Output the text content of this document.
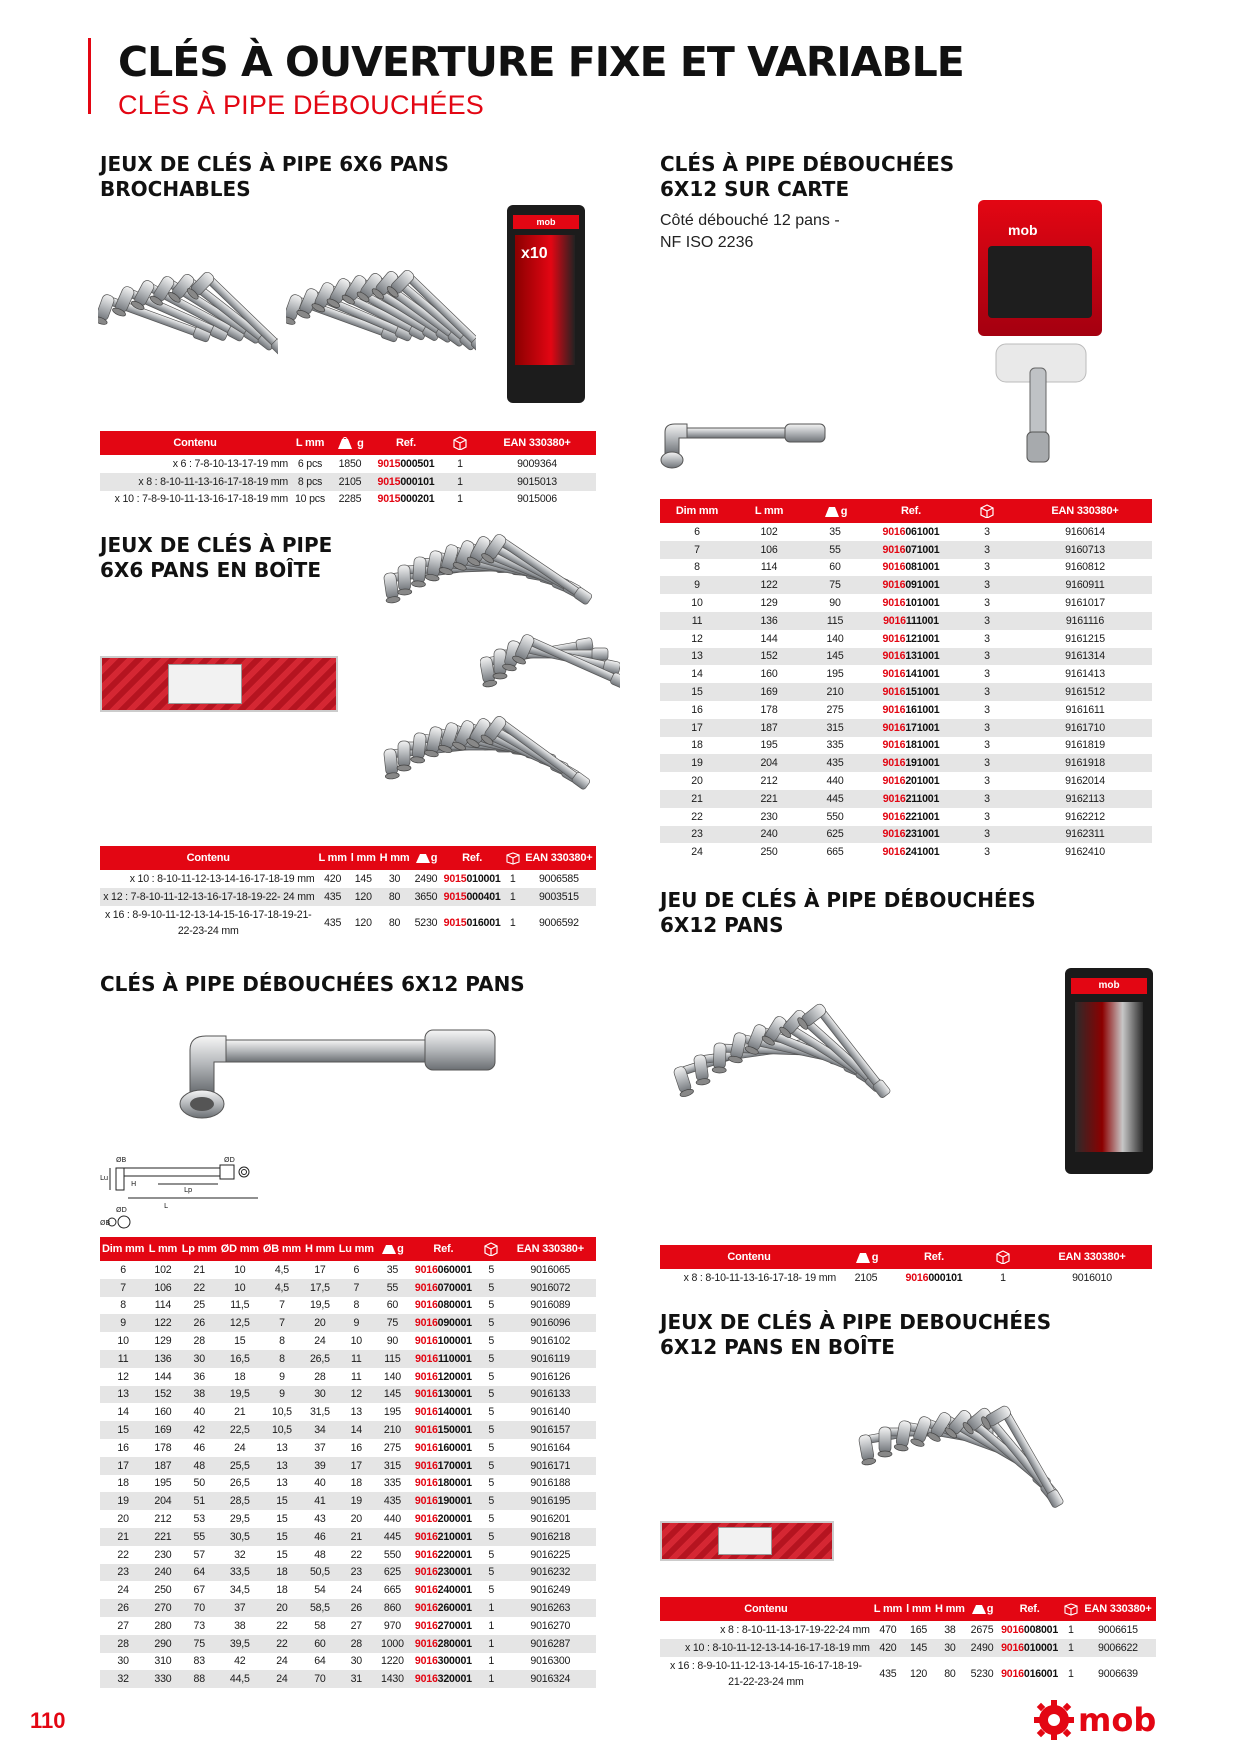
CLÉS À OUVERTURE FIXE ET VARIABLE
CLÉS À PIPE DÉBOUCHÉES
JEUX DE CLÉS À PIPE 6X6 PANS
BROCHABLES
mob
x10
Contenu	L mm	g	Ref.		EAN 330380+
x 6 : 7-8-10-13-17-19 mm	6 pcs	1850	9015000501	1	9009364
x 8 : 8-10-11-13-16-17-18-19 mm	8 pcs	2105	9015000101	1	9015013
x 10 : 7-8-9-10-11-13-16-17-18-19 mm	10 pcs	2285	9015000201	1	9015006
JEUX DE CLÉS À PIPE
6X6 PANS EN BOÎTE
Contenu	L mm	l mm	H mm	g	Ref.		EAN 330380+
x 10 : 8-10-11-12-13-14-16-17-18-19 mm	420	145	30	2490	9015010001	1	9006585
x 12 : 7-8-10-11-12-13-16-17-18-19-22- 24 mm	435	120	80	3650	9015000401	1	9003515

x 16 : 8-9-10-11-12-13-14-15-16-17-18-19-21-
22-23-24 mm	435	120	80	5230	9015016001	1	9006592
CLÉS À PIPE DÉBOUCHÉES 6X12 PANS
ØB	ØD
H
Lu
Lp
L
ØD
ØB
Dim mm	L mm	Lp mm	ØD mm	ØB mm	H mm	Lu mm	g	Ref.		EAN 330380+
6	102	21	10	4,5	17	6	35	9016060001	5	9016065
7	106	22	10	4,5	17,5	7	55	9016070001	5	9016072
8	114	25	11,5	7	19,5	8	60	9016080001	5	9016089
9	122	26	12,5	7	20	9	75	9016090001	5	9016096
10	129	28	15	8	24	10	90	9016100001	5	9016102
11	136	30	16,5	8	26,5	11	115	9016110001	5	9016119
12	144	36	18	9	28	11	140	9016120001	5	9016126
13	152	38	19,5	9	30	12	145	9016130001	5	9016133
14	160	40	21	10,5	31,5	13	195	9016140001	5	9016140
15	169	42	22,5	10,5	34	14	210	9016150001	5	9016157
16	178	46	24	13	37	16	275	9016160001	5	9016164
17	187	48	25,5	13	39	17	315	9016170001	5	9016171
18	195	50	26,5	13	40	18	335	9016180001	5	9016188
19	204	51	28,5	15	41	19	435	9016190001	5	9016195
20	212	53	29,5	15	43	20	440	9016200001	5	9016201
21	221	55	30,5	15	46	21	445	9016210001	5	9016218
22	230	57	32	15	48	22	550	9016220001	5	9016225
23	240	64	33,5	18	50,5	23	625	9016230001	5	9016232
24	250	67	34,5	18	54	24	665	9016240001	5	9016249
26	270	70	37	20	58,5	26	860	9016260001	1	9016263
27	280	73	38	22	58	27	970	9016270001	1	9016270
28	290	75	39,5	22	60	28	1000	9016280001	1	9016287
30	310	83	42	24	64	30	1220	9016300001	1	9016300
32	330	88	44,5	24	70	31	1430	9016320001	1	9016324
CLÉS À PIPE DÉBOUCHÉES
6X12 SUR CARTE
Côté débouché 12 pans -
NF ISO 2236
mob
Dim mm	L mm	g	Ref.		EAN 330380+
6	102	35	9016061001	3	9160614
7	106	55	9016071001	3	9160713
8	114	60	9016081001	3	9160812
9	122	75	9016091001	3	9160911
10	129	90	9016101001	3	9161017
11	136	115	9016111001	3	9161116
12	144	140	9016121001	3	9161215
13	152	145	9016131001	3	9161314
14	160	195	9016141001	3	9161413
15	169	210	9016151001	3	9161512
16	178	275	9016161001	3	9161611
17	187	315	9016171001	3	9161710
18	195	335	9016181001	3	9161819
19	204	435	9016191001	3	9161918
20	212	440	9016201001	3	9162014
21	221	445	9016211001	3	9162113
22	230	550	9016221001	3	9162212
23	240	625	9016231001	3	9162311
24	250	665	9016241001	3	9162410
JEU DE CLÉS À PIPE DÉBOUCHÉES
6X12 PANS
mob
Contenu	g	Ref.		EAN 330380+
x 8 : 8-10-11-13-16-17-18- 19 mm	2105	9016000101	1	9016010
JEUX DE CLÉS À PIPE DEBOUCHÉES
6X12 PANS EN BOÎTE
Contenu	L mm	l mm	H mm	g	Ref.		EAN 330380+
x 8 : 8-10-11-13-17-19-22-24 mm	470	165	38	2675	9016008001	1	9006615
x 10 : 8-10-11-12-13-14-16-17-18-19 mm	420	145	30	2490	9016010001	1	9006622

x 16 : 8-9-10-11-12-13-14-15-16-17-18-19-
21-22-23-24 mm	435	120	80	5230	9016016001	1	9006639
110	mob
